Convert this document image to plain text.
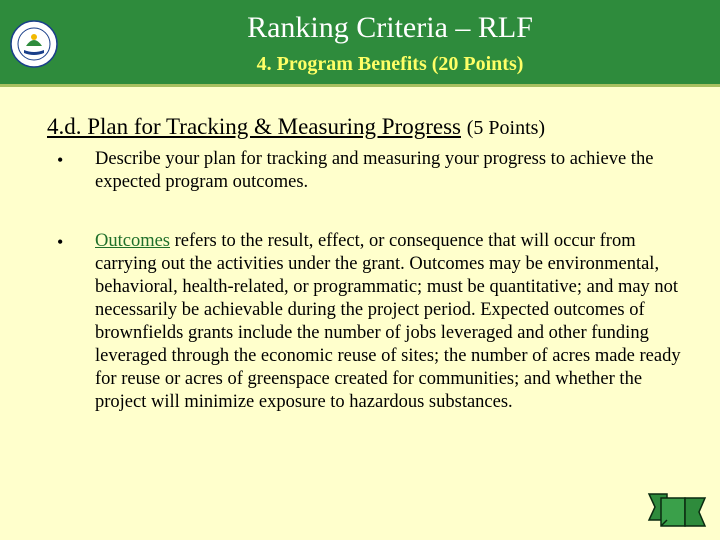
Ranking Criteria – RLF
4. Program Benefits (20 Points)
4.d. Plan for Tracking & Measuring Progress (5 Points)
• Describe your plan for tracking and measuring your progress to achieve the expected program outcomes.
• Outcomes refers to the result, effect, or consequence that will occur from carrying out the activities under the grant. Outcomes may be environmental, behavioral, health-related, or programmatic; must be quantitative; and may not necessarily be achievable during the project period. Expected outcomes of brownfields grants include the number of jobs leveraged and other funding leveraged through the economic reuse of sites; the number of acres made ready for reuse or acres of greenspace created for communities; and whether the project will minimize exposure to hazardous substances.
